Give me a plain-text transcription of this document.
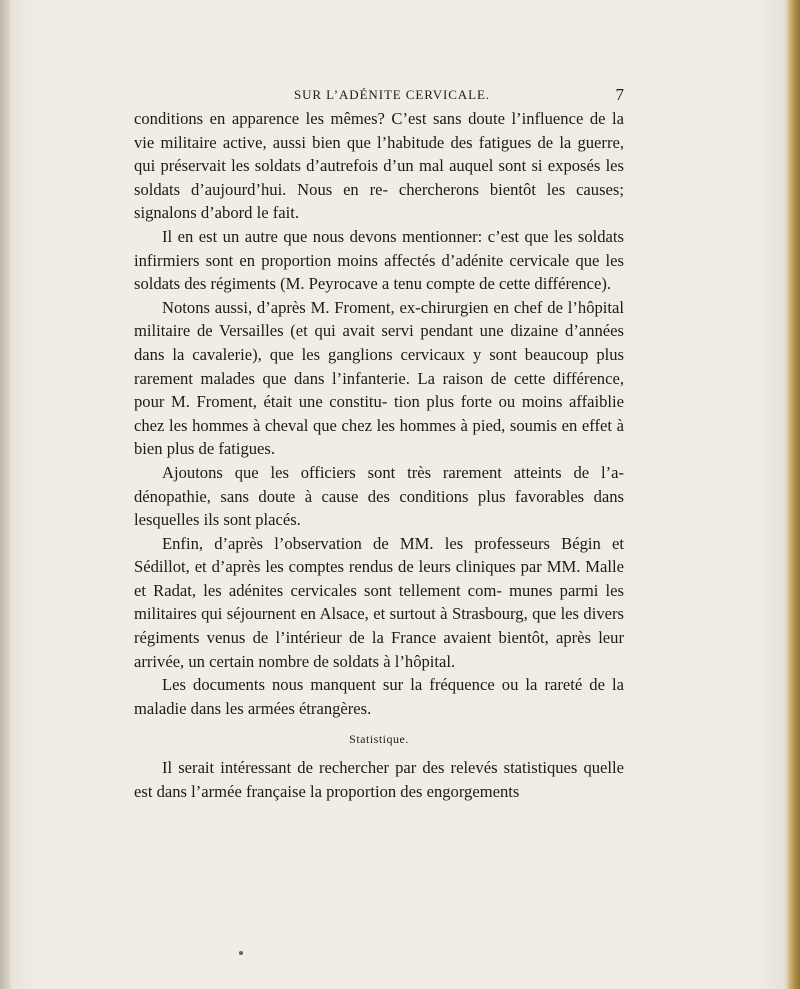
SUR L’ADÉNITE CERVICALE.	7

conditions en apparence les mêmes? C’est sans doute l’influence de la vie militaire active, aussi bien que l’habitude des fatigues de la guerre, qui préservait les soldats d’autrefois d’un mal auquel sont si exposés les soldats d’aujourd’hui. Nous en re- chercherons bientôt les causes; signalons d’abord le fait.

Il en est un autre que nous devons mentionner: c’est que les soldats infirmiers sont en proportion moins affectés d’adénite cervicale que les soldats des régiments (M. Peyrocave a tenu compte de cette différence).

Notons aussi, d’après M. Froment, ex-chirurgien en chef de l’hôpital militaire de Versailles (et qui avait servi pendant une dizaine d’années dans la cavalerie), que les ganglions cervicaux y sont beaucoup plus rarement malades que dans l’infanterie. La raison de cette différence, pour M. Froment, était une constitu- tion plus forte ou moins affaiblie chez les hommes à cheval que chez les hommes à pied, soumis en effet à bien plus de fatigues.

Ajoutons que les officiers sont très rarement atteints de l’a- dénopathie, sans doute à cause des conditions plus favorables dans lesquelles ils sont placés.

Enfin, d’après l’observation de MM. les professeurs Bégin et Sédillot, et d’après les comptes rendus de leurs cliniques par MM. Malle et Radat, les adénites cervicales sont tellement com- munes parmi les militaires qui séjournent en Alsace, et surtout à Strasbourg, que les divers régiments venus de l’intérieur de la France avaient bientôt, après leur arrivée, un certain nombre de soldats à l’hôpital.

Les documents nous manquent sur la fréquence ou la rareté de la maladie dans les armées étrangères.

Statistique.

Il serait intéressant de rechercher par des relevés statistiques quelle est dans l’armée française la proportion des engorgements
